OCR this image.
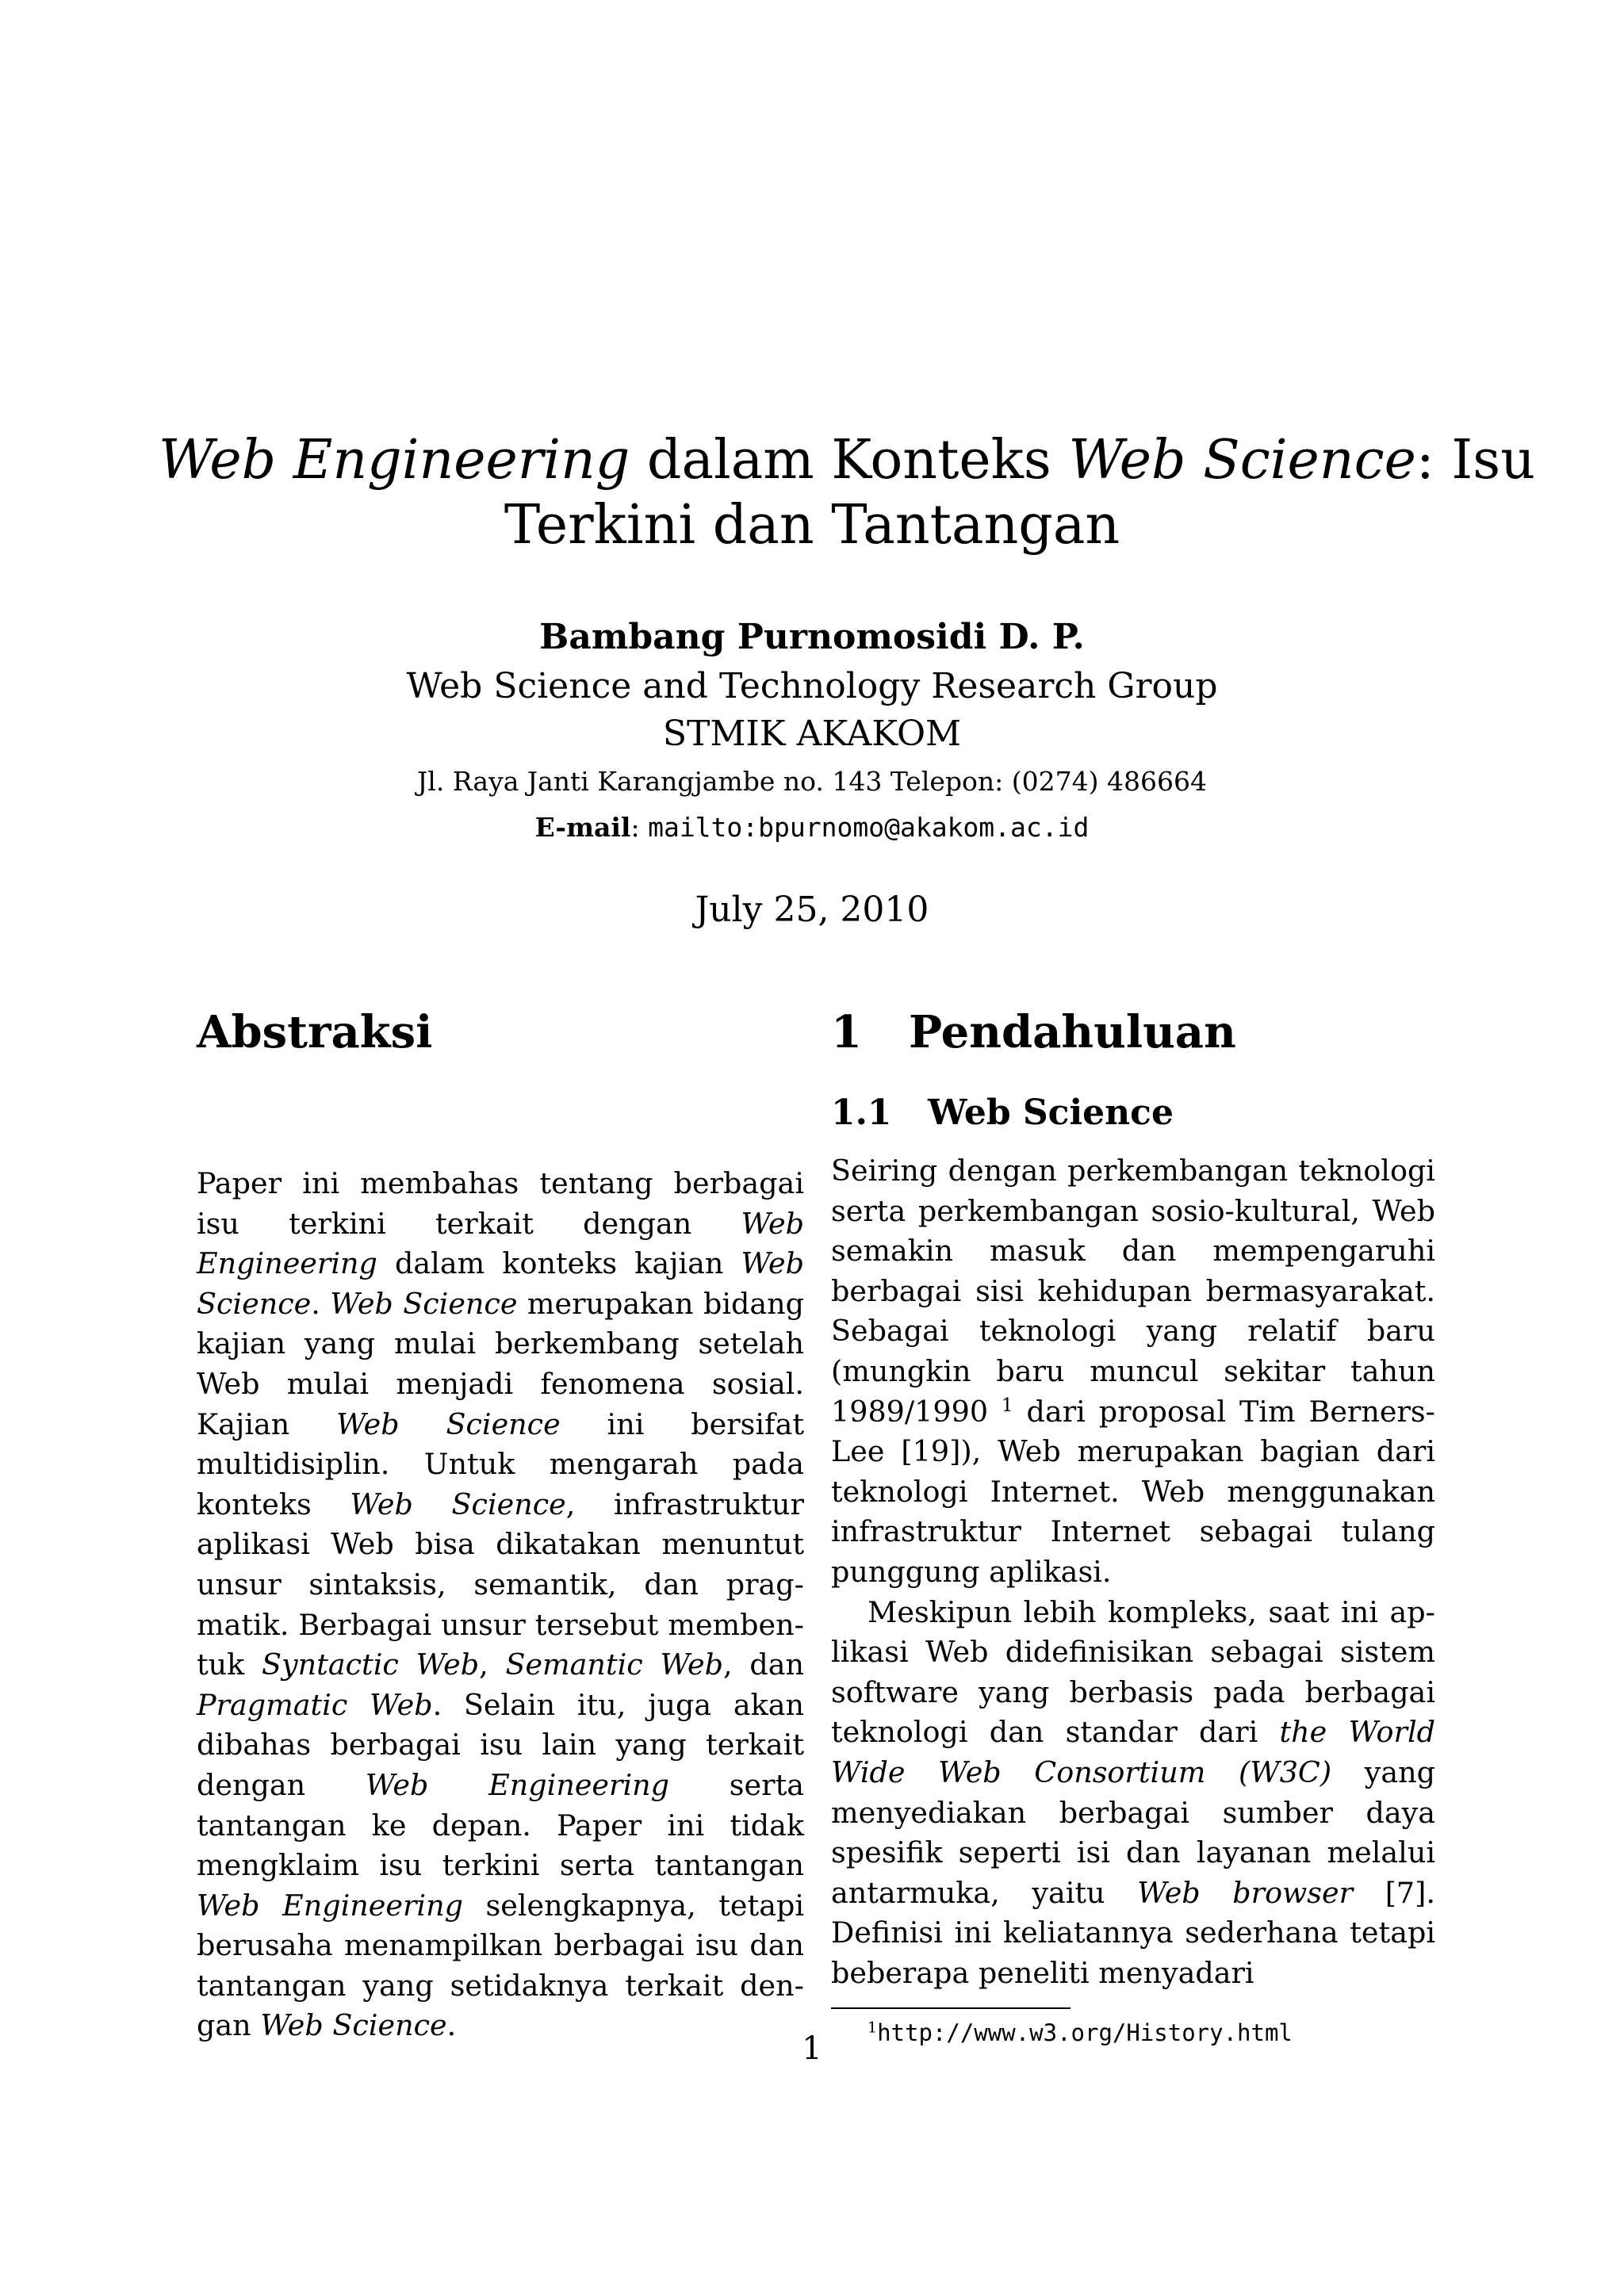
Web Engineering dalam Konteks Web Science: Isu
Terkini dan Tantangan
Bambang Purnomosidi D. P.
Web Science and Technology Research Group
STMIK AKAKOM
Jl. Raya Janti Karangjambe no. 143 Telepon: (0274) 486664
E-mail: mailto:bpurnomo@akakom.ac.id
July 25, 2010
Abstraksi

Paper ini membahas tentang berbagai isu terkini terkait dengan Web Engineering dalam konteks kajian Web Science. Web Science merupakan bidang kajian yang mulai berkembang setelah Web mulai menjadi fenomena sosial. Kajian Web Science ini bersifat multidisiplin. Untuk mengarah pada konteks Web Science, infrastruktur aplikasi Web bisa dikatakan menuntut unsur sintaksis, semantik, dan pragmatik. Berbagai unsur tersebut membentuk Syntactic Web, Semantic Web, dan Pragmatic Web. Selain itu, juga akan dibahas berbagai isu lain yang terkait dengan Web Engineering serta tantangan ke depan. Paper ini tidak mengklaim isu terkini serta tantangan Web Engineering selengkapnya, tetapi berusaha menampilkan berbagai isu dan tantangan yang setidaknya terkait dengan Web Science.

1 Pendahuluan
1.1 Web Science

Seiring dengan perkembangan teknologi serta perkembangan sosio-kultural, Web semakin masuk dan mempengaruhi berbagai sisi kehidupan bermasyarakat. Sebagai teknologi yang relatif baru (mungkin baru muncul sekitar tahun 1989/1990 $^1$ dari proposal Tim Berners-Lee [19]), Web merupakan bagian dari teknologi Internet. Web menggunakan infrastruktur Internet sebagai tulang punggung aplikasi.

Meskipun lebih kompleks, saat ini aplikasi Web didefinisikan sebagai sistem software yang berbasis pada berbagai teknologi dan standar dari the World Wide Web Consortium (W3C) yang menyediakan berbagai sumber daya spesifik seperti isi dan layanan melalui antarmuka, yaitu Web browser [7]. Definisi ini keliatannya sederhana tetapi beberapa peneliti menyadari

$^1$http://www.w3.org/History.html
1
